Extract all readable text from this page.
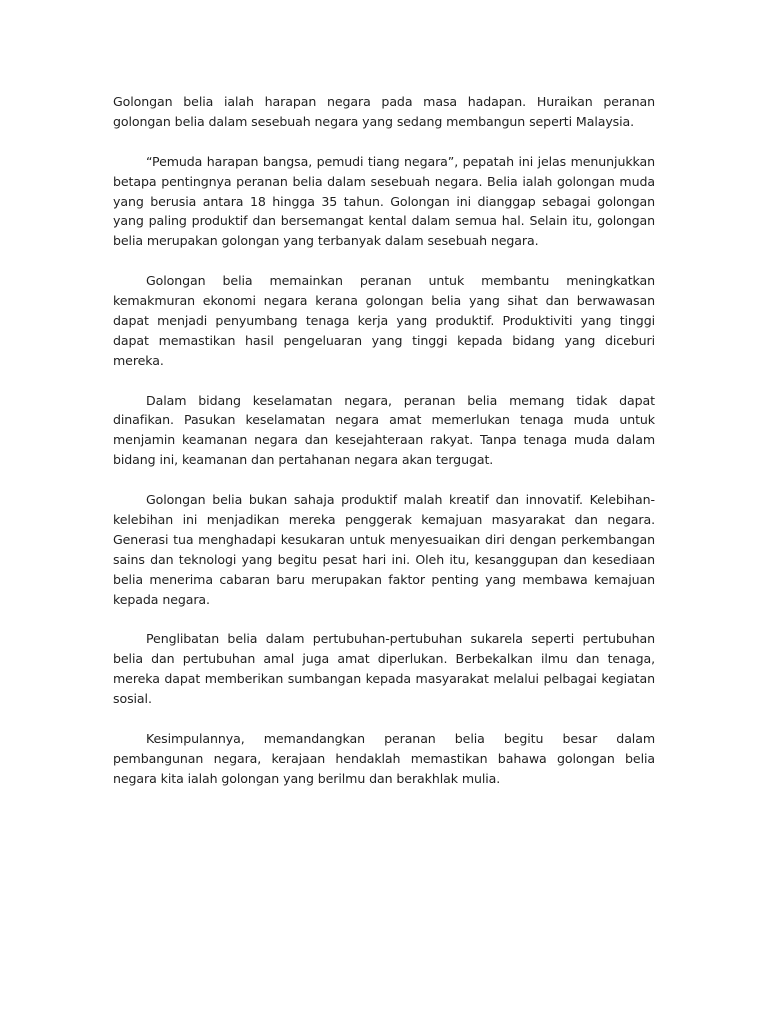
Golongan belia ialah harapan negara pada masa hadapan. Huraikan peranan golongan belia dalam sesebuah negara yang sedang membangun seperti Malaysia.

“Pemuda harapan bangsa, pemudi tiang negara”, pepatah ini jelas menunjukkan betapa pentingnya peranan belia dalam sesebuah negara. Belia ialah golongan muda yang berusia antara 18 hingga 35 tahun. Golongan ini dianggap sebagai golongan yang paling produktif dan bersemangat kental dalam semua hal. Selain itu, golongan belia merupakan golongan yang terbanyak dalam sesebuah negara.

Golongan belia memainkan peranan untuk membantu meningkatkan kemakmuran ekonomi negara kerana golongan belia yang sihat dan berwawasan dapat menjadi penyumbang tenaga kerja yang produktif. Produktiviti yang tinggi dapat memastikan hasil pengeluaran yang tinggi kepada bidang yang diceburi mereka.

Dalam bidang keselamatan negara, peranan belia memang tidak dapat dinafikan. Pasukan keselamatan negara amat memerlukan tenaga muda untuk menjamin keamanan negara dan kesejahteraan rakyat. Tanpa tenaga muda dalam bidang ini, keamanan dan pertahanan negara akan tergugat.

Golongan belia bukan sahaja produktif malah kreatif dan innovatif. Kelebihan-kelebihan ini menjadikan mereka penggerak kemajuan masyarakat dan negara. Generasi tua menghadapi kesukaran untuk menyesuaikan diri dengan perkembangan sains dan teknologi yang begitu pesat hari ini. Oleh itu, kesanggupan dan kesediaan belia menerima cabaran baru merupakan faktor penting yang membawa kemajuan kepada negara.

Penglibatan belia dalam pertubuhan-pertubuhan sukarela seperti pertubuhan belia dan pertubuhan amal juga amat diperlukan. Berbekalkan ilmu dan tenaga, mereka dapat memberikan sumbangan kepada masyarakat melalui pelbagai kegiatan sosial.

Kesimpulannya, memandangkan peranan belia begitu besar dalam pembangunan negara, kerajaan hendaklah memastikan bahawa golongan belia negara kita ialah golongan yang berilmu dan berakhlak mulia.
